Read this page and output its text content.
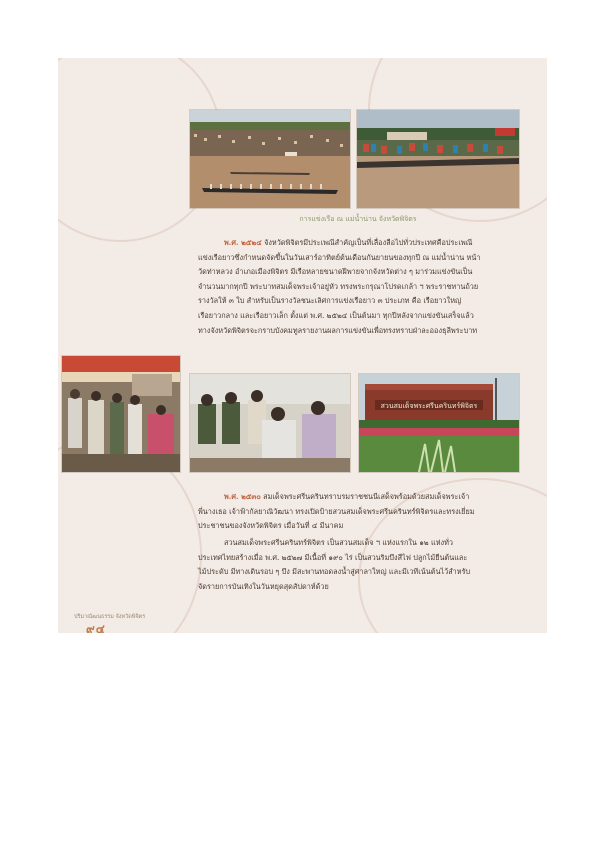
การแข่งเรือ ณ แม่น้ำน่าน จังหวัดพิจิตร
พ.ศ. ๒๕๒๔ จังหวัดพิจิตรมีประเพณีสำคัญเป็นที่เลื่องลือไปทั่วประเทศคือประเพณี
แข่งเรือยาวซึ่งกำหนดจัดขึ้นในวันเสาร์อาทิตย์ต้นเดือนกันยายนของทุกปี ณ แม่น้ำน่าน หน้า
วัดท่าหลวง อำเภอเมืองพิจิตร มีเรือหลายขนาดฝีพายจากจังหวัดต่าง ๆ มาร่วมแข่งขันเป็น
จำนวนมากทุกปี พระบาทสมเด็จพระเจ้าอยู่หัว ทรงพระกรุณาโปรดเกล้า ฯ พระราชทานถ้วย
รางวัลให้ ๓ ใบ สำหรับเป็นรางวัลชนะเลิศการแข่งเรือยาว ๓ ประเภท คือ เรือยาวใหญ่
เรือยาวกลาง และเรือยาวเล็ก ตั้งแต่ พ.ศ. ๒๕๒๔ เป็นต้นมา ทุกปีหลังจากแข่งขันเสร็จแล้ว
ทางจังหวัดพิจิตรจะกราบบังคมทูลรายงานผลการแข่งขันเพื่อทรงทราบฝ่าละอองธุลีพระบาท
สวนสมเด็จพระศรีนครินทร์พิจิตร
พ.ศ. ๒๕๓๐ สมเด็จพระศรีนครินทราบรมราชชนนีเสด็จพร้อมด้วยสมเด็จพระเจ้า
พี่นางเธอ เจ้าฟ้ากัลยาณิวัฒนา ทรงเปิดป้ายสวนสมเด็จพระศรีนครินทร์พิจิตรและทรงเยี่ยม
ประชาชนของจังหวัดพิจิตร เมื่อวันที่ ๔ มีนาคม
สวนสมเด็จพระศรีนครินทร์พิจิตร เป็นสวนสมเด็จ ฯ แห่งแรกใน ๑๒ แห่งทั่ว
ประเทศไทยสร้างเมื่อ พ.ศ. ๒๕๒๗ มีเนื้อที่ ๑๙๐ ไร่ เป็นสวนริมบึงสีไฟ ปลูกไม้ยืนต้นและ
ไม้ประดับ มีทางเดินรอบ ๆ บึง มีสะพานทอดลงน้ำสู่ศาลาใหญ่ และมีเวทีเน้นต้นไว้สำหรับ
จัดรายการบันเทิงในวันหยุดสุดสัปดาห์ด้วย
ปริมาณัฒนธรรม จังหวัดพิจิตร
๙๔
